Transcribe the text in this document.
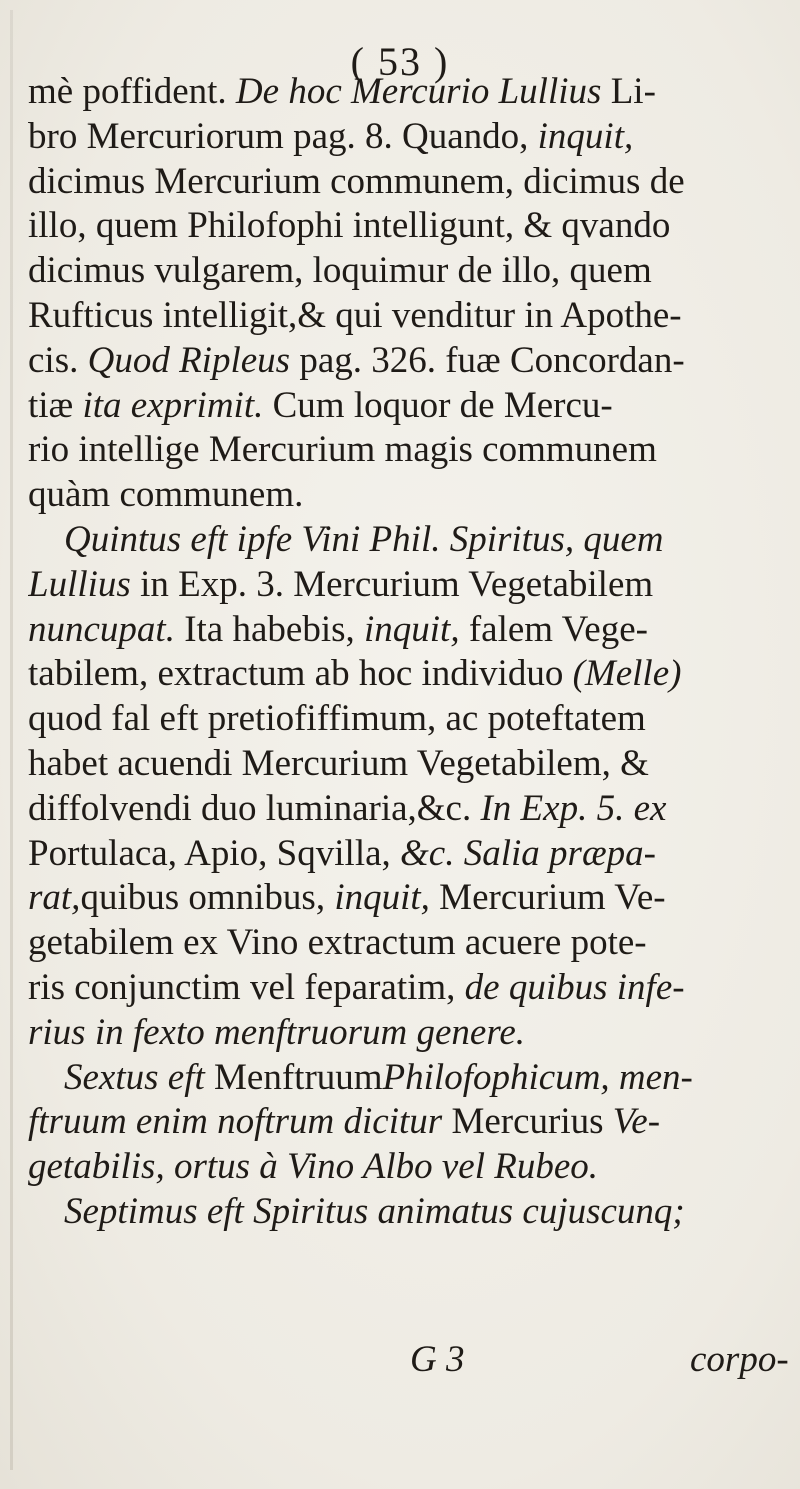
( 53 )
mè poffident. De hoc Mercurio Lullius Li-
bro Mercuriorum pag. 8. Quando, inquit,
dicimus Mercurium communem, dicimus de
illo, quem Philofophi intelligunt, & qvando
dicimus vulgarem, loquimur de illo, quem
Rufticus intelligit,& qui venditur in Apothe-
cis. Quod Ripleus pag. 326. fuæ Concordan-
tiæ ita exprimit. Cum loquor de Mercu-
rio intellige Mercurium magis communem
quàm communem.
Quintus eft ipfe Vini Phil. Spiritus, quem
Lullius in Exp. 3. Mercurium Vegetabilem
nuncupat. Ita habebis, inquit, falem Vege-
tabilem, extractum ab hoc individuo (Melle)
quod fal eft pretiofiffimum, ac poteftatem
habet acuendi Mercurium Vegetabilem, &
diffolvendi duo luminaria,&c. In Exp. 5. ex
Portulaca, Apio, Sqvilla, &c. Salia præpa-
rat,quibus omnibus, inquit, Mercurium Ve-
getabilem ex Vino extractum acuere pote-
ris conjunctim vel feparatim, de quibus infe-
rius in fexto menftruorum genere.
Sextus eft MenftruumPhilofophicum, men-
ftruum enim noftrum dicitur Mercurius Ve-
getabilis, ortus à Vino Albo vel Rubeo.
Septimus eft Spiritus animatus cujuscunq;
G 3	corpo-
